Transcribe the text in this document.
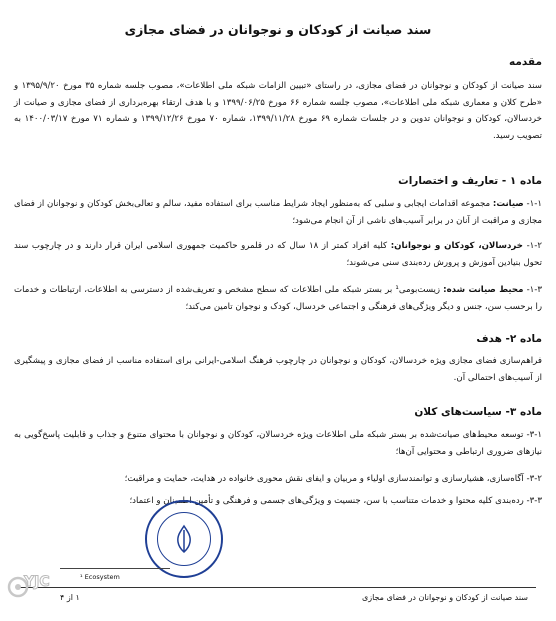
سند صیانت از کودکان و نوجوانان در فضای مجازی
مقدمه
سند صیانت از کودکان و نوجوانان در فضای مجازی، در راستای «تبیین الزامات شبکه ملی اطلاعات»، مصوب جلسه شماره ۳۵ مورخ ۱۳۹۵/۹/۲۰ و «طرح کلان و معماری شبکه ملی اطلاعات»، مصوب جلسه شماره ۶۶ مورخ ۱۳۹۹/۰۶/۲۵ و با هدف ارتقاء بهره‌برداری از فضای مجازی و صیانت از خردسالان، کودکان و نوجوانان تدوین و در جلسات شماره ۶۹ مورخ ۱۳۹۹/۱۱/۲۸، شماره ۷۰ مورخ ۱۳۹۹/۱۲/۲۶ و شماره ۷۱ مورخ ۱۴۰۰/۰۳/۱۷ به تصویب رسید.
ماده ۱ - تعاریف و اختصارات
۱-۱- صیانت: مجموعه اقدامات ایجابی و سلبی که به‌منظور ایجاد شرایط مناسب برای استفاده مفید، سالم و تعالی‌بخش کودکان و نوجوانان از فضای مجازی و مراقبت از آنان در برابر آسیب‌های ناشی از آن انجام می‌شود؛
۱-۲- خردسالان، کودکان و نوجوانان: کلیه افراد کمتر از ۱۸ سال که در قلمرو حاکمیت جمهوری اسلامی ایران قرار دارند و در چارچوب سند تحول بنیادین آموزش و پرورش رده‌بندی سنی می‌شوند؛
۱-۳- محیط صیانت شده: زیست‌بومی¹ بر بستر شبکه ملی اطلاعات که سطح مشخص و تعریف‌شده از دسترسی به اطلاعات، ارتباطات و خدمات را برحسب سن، جنس و دیگر ویژگی‌های فرهنگی و اجتماعی خردسال، کودک و نوجوان تامین می‌کند؛
ماده ۲- هدف
فراهم‌سازی فضای مجازی ویژه خردسالان، کودکان و نوجوانان در چارچوب فرهنگ اسلامی-ایرانی برای استفاده مناسب از فضای مجازی و پیشگیری از آسیب‌های احتمالی آن.
ماده ۳- سیاست‌های کلان
۳-۱- توسعه محیط‌های صیانت‌شده بر بستر شبکه ملی اطلاعات ویژه خردسالان، کودکان و نوجوانان با محتوای متنوع و جذاب و قابلیت پاسخ‌گویی به نیازهای ضروری ارتباطی و محتوایی آن‌ها؛
۳-۲- آگاه‌سازی، هشیارسازی و توانمندسازی اولیاء و مربیان و ایفای نقش محوری خانواده در هدایت، حمایت و مراقبت؛
۳-۳- رده‌بندی کلیه محتوا و خدمات متناسب با سن، جنسیت و ویژگی‌های جسمی و فرهنگی و تأمین اطمینان و اعتماد؛
¹ Ecosystem
سند صیانت از کودکان و نوجوانان در فضای مجازی
۱ از ۴
YJC
